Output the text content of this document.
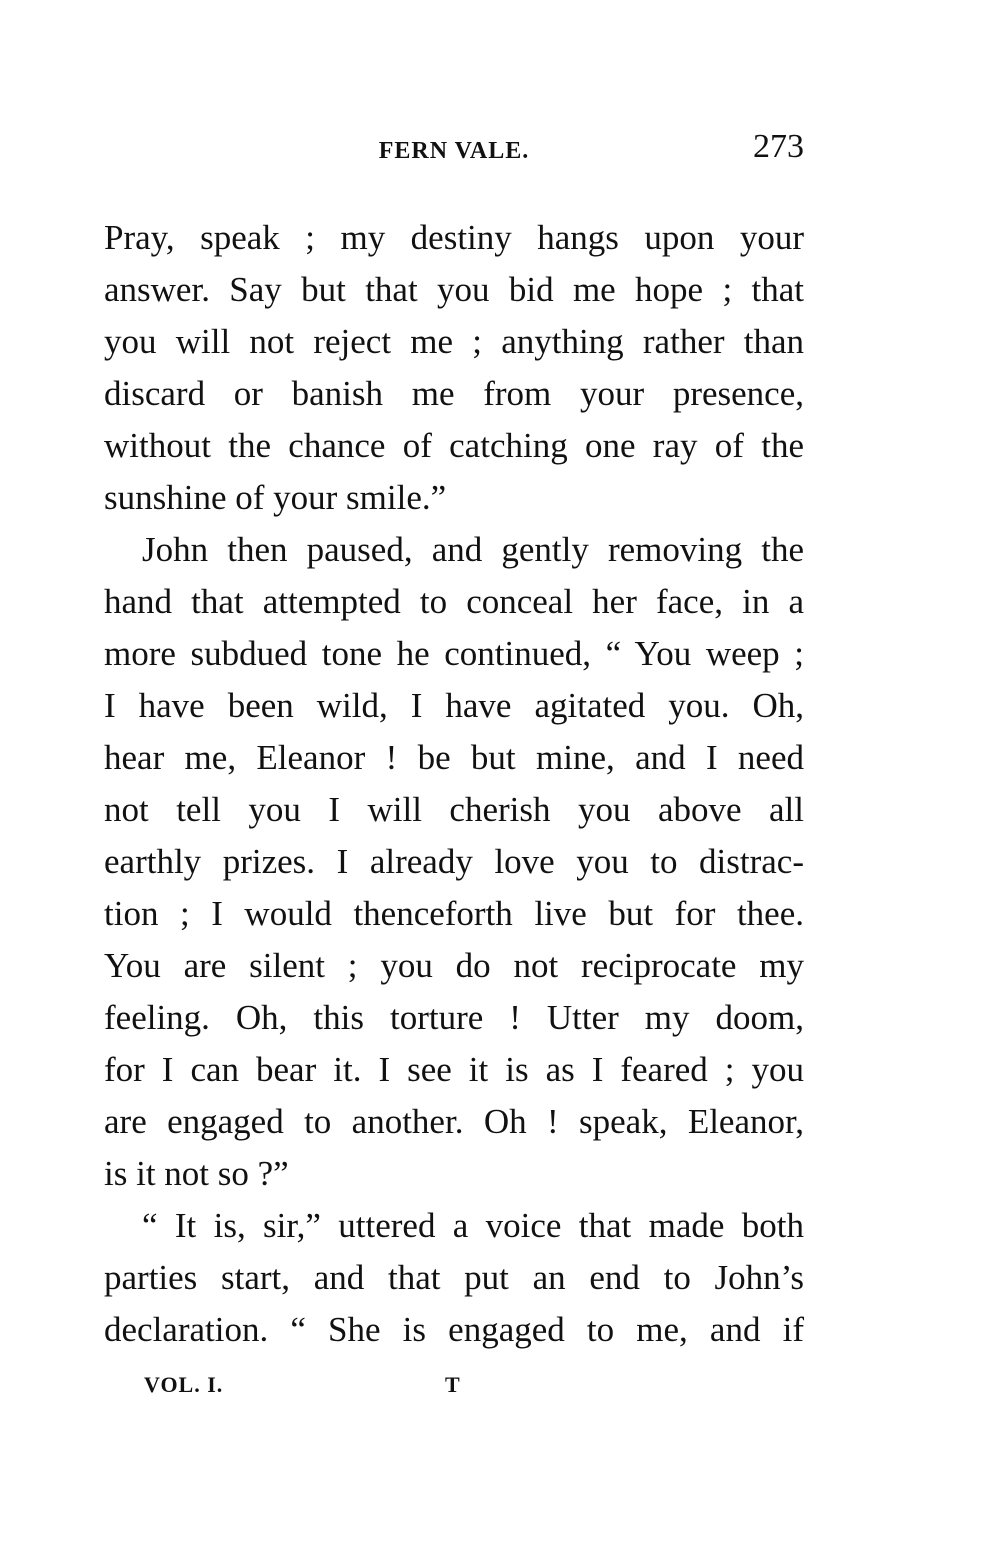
FERN VALE.	273

Pray, speak ; my destiny hangs upon your
answer. Say but that you bid me hope ; that
you will not reject me ; anything rather than
discard or banish me from your presence,
without the chance of catching one ray of the
sunshine of your smile.”

John then paused, and gently removing the
hand that attempted to conceal her face, in a
more subdued tone he continued, “ You weep ;
I have been wild, I have agitated you. Oh,
hear me, Eleanor ! be but mine, and I need
not tell you I will cherish you above all
earthly prizes. I already love you to distrac-
tion ; I would thenceforth live but for thee.
You are silent ; you do not reciprocate my
feeling. Oh, this torture ! Utter my doom,
for I can bear it. I see it is as I feared ; you
are engaged to another. Oh ! speak, Eleanor,
is it not so ?”

“ It is, sir,” uttered a voice that made both
parties start, and that put an end to John’s
declaration. “ She is engaged to me, and if

VOL. I.	T
